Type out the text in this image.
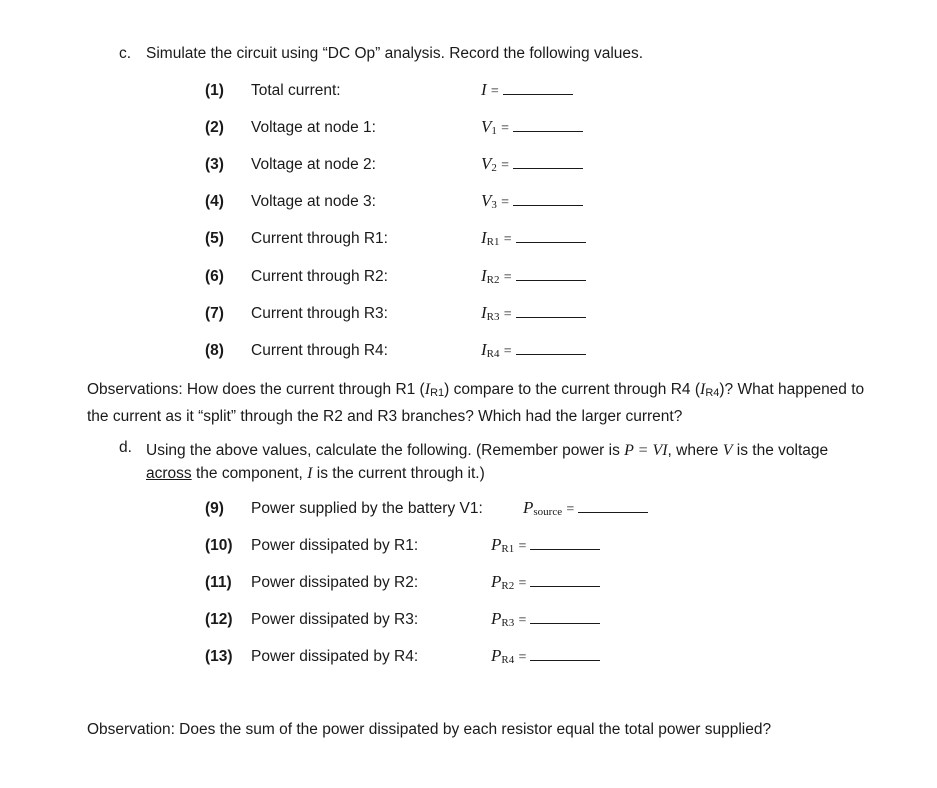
c. Simulate the circuit using “DC Op” analysis. Record the following values.
(1) Total current:	I =
(2) Voltage at node 1:	V1 =
(3) Voltage at node 2:	V2 =
(4) Voltage at node 3:	V3 =
(5) Current through R1:	IR1 =
(6) Current through R2:	IR2 =
(7) Current through R3:	IR3 =
(8) Current through R4:	IR4 =
Observations: How does the current through R1 (IR1) compare to the current through R4 (IR4)? What happened to the current as it “split” through the R2 and R3 branches? Which had the larger current?
d. Using the above values, calculate the following. (Remember power is P = VI, where V is the voltage across the component, I is the current through it.)
(9) Power supplied by the battery V1: Psource =
(10) Power dissipated by R1:	PR1 =
(11) Power dissipated by R2:	PR2 =
(12) Power dissipated by R3:	PR3 =
(13) Power dissipated by R4:	PR4 =
Observation: Does the sum of the power dissipated by each resistor equal the total power supplied?
